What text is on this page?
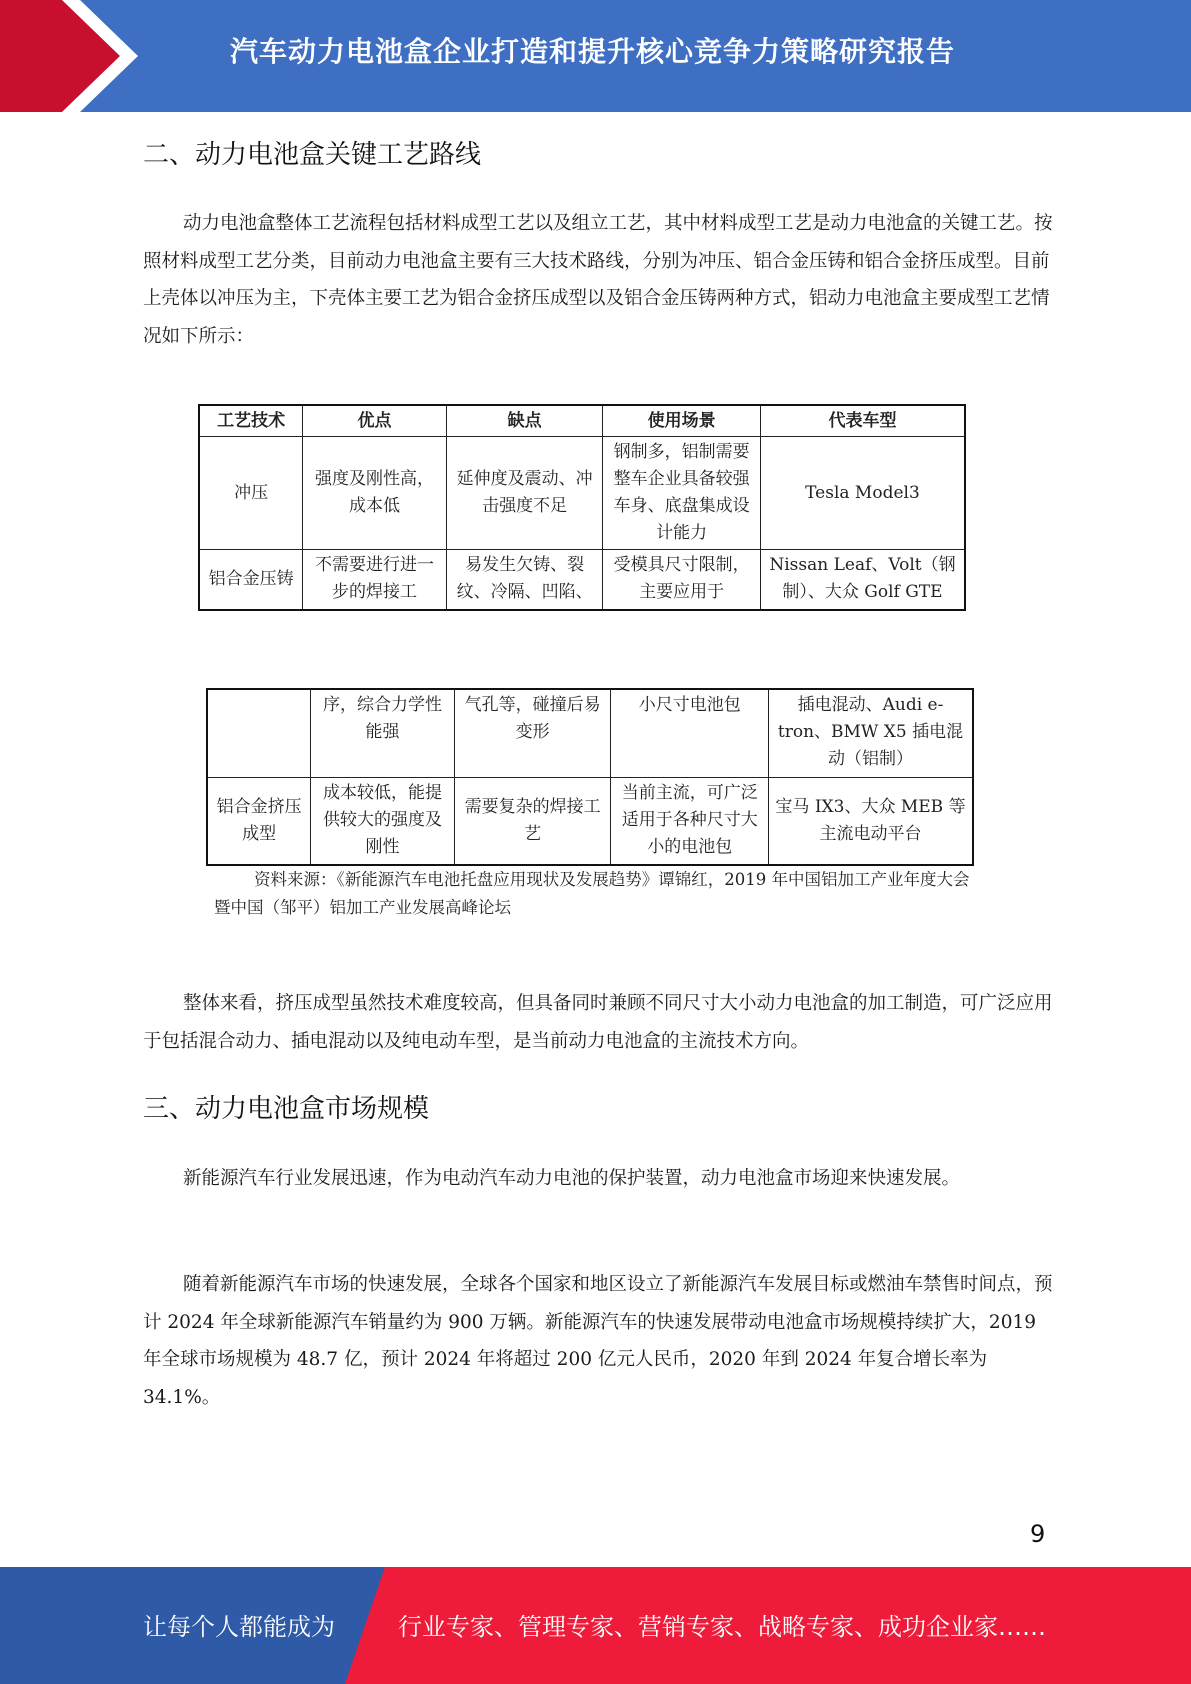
汽车动力电池盒企业打造和提升核心竞争力策略研究报告
二、动力电池盒关键工艺路线
动力电池盒整体工艺流程包括材料成型工艺以及组立工艺，其中材料成型工艺是动力电池盒的关键工艺。按照材料成型工艺分类，目前动力电池盒主要有三大技术路线，分别为冲压、铝合金压铸和铝合金挤压成型。目前上壳体以冲压为主，下壳体主要工艺为铝合金挤压成型以及铝合金压铸两种方式，铝动力电池盒主要成型工艺情况如下所示：
工艺技术	优点	缺点	使用场景	代表车型
冲压	强度及刚性高，成本低	延伸度及震动、冲击强度不足	钢制多，铝制需要整车企业具备较强车身、底盘集成设计能力	Tesla Model3
铝合金压铸	不需要进行进一步的焊接工	易发生欠铸、裂纹、冷隔、凹陷、	受模具尺寸限制，主要应用于	Nissan Leaf、Volt（钢制）、大众 Golf GTE
	序，综合力学性能强	气孔等，碰撞后易变形	小尺寸电池包	插电混动、Audi e-tron、BMW X5 插电混动（铝制）
铝合金挤压成型	成本较低，能提供较大的强度及刚性	需要复杂的焊接工艺	当前主流，可广泛适用于各种尺寸大小的电池包	宝马 IX3、大众 MEB 等主流电动平台
资料来源：《新能源汽车电池托盘应用现状及发展趋势》谭锦红，2019 年中国铝加工产业年度大会暨中国（邹平）铝加工产业发展高峰论坛
整体来看，挤压成型虽然技术难度较高，但具备同时兼顾不同尺寸大小动力电池盒的加工制造，可广泛应用于包括混合动力、插电混动以及纯电动车型，是当前动力电池盒的主流技术方向。
三、动力电池盒市场规模
新能源汽车行业发展迅速，作为电动汽车动力电池的保护装置，动力电池盒市场迎来快速发展。
随着新能源汽车市场的快速发展，全球各个国家和地区设立了新能源汽车发展目标或燃油车禁售时间点，预计 2024 年全球新能源汽车销量约为 900 万辆。新能源汽车的快速发展带动电池盒市场规模持续扩大，2019 年全球市场规模为 48.7 亿，预计 2024 年将超过 200 亿元人民币，2020 年到 2024 年复合增长率为 34.1%。
9
让每个人都能成为	行业专家、管理专家、营销专家、战略专家、成功企业家……
